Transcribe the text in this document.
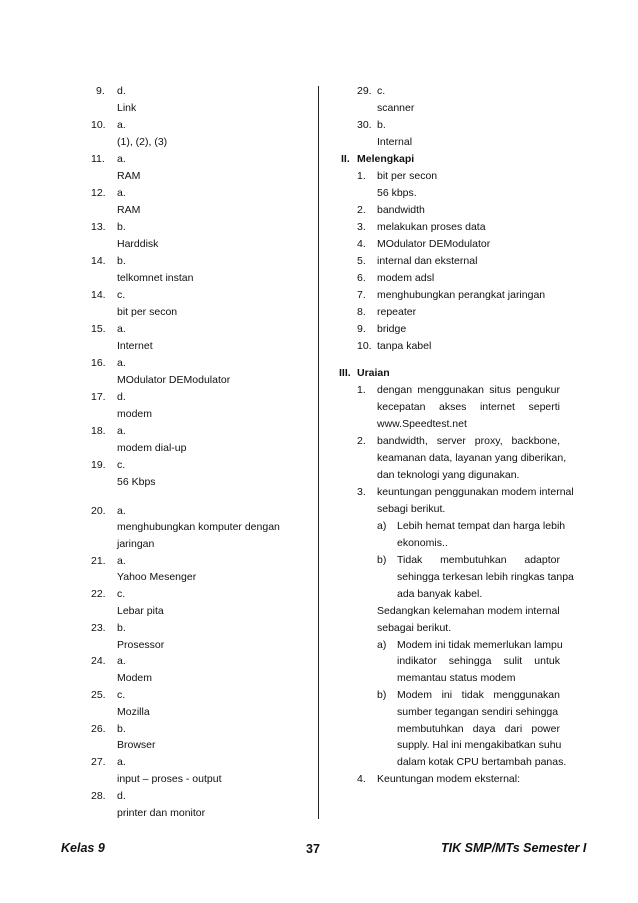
9. d.
Link
10. a.
(1), (2), (3)
11. a.
RAM
12. a.
RAM
13. b.
Harddisk
14. b.
telkomnet instan
14. c.
bit per secon
15. a.
Internet
16. a.
MOdulator DEModulator
17. d.
modem
18. a.
modem dial-up
19. c.
56 Kbps
20. a.
menghubungkan komputer dengan
jaringan
21. a.
Yahoo Mesenger
22. c.
Lebar pita
23. b.
Prosessor
24. a.
Modem
25. c.
Mozilla
26. b.
Browser
27. a.
input – proses - output
28. d.
printer dan monitor
29. c.
scanner
30. b.
Internal
II. Melengkapi
1. bit per secon
56 kbps.
2. bandwidth
3. melakukan proses data
4. MOdulator DEModulator
5. internal dan eksternal
6. modem adsl
7. menghubungkan perangkat jaringan
8. repeater
9. bridge
10. tanpa kabel
III. Uraian
1. dengan menggunakan situs pengukur
kecepatan akses internet seperti
www.Speedtest.net
2. bandwidth, server proxy, backbone,
keamanan data, layanan yang diberikan,
dan teknologi yang digunakan.
3. keuntungan penggunakan modem internal
sebagi berikut.
a) Lebih hemat tempat dan harga lebih
ekonomis..
b) Tidak membutuhkan adaptor
sehingga terkesan lebih ringkas tanpa
ada banyak kabel.
Sedangkan kelemahan modem internal
sebagai berikut.
a) Modem ini tidak memerlukan lampu
indikator sehingga sulit untuk
memantau status modem
b) Modem ini tidak menggunakan
sumber tegangan sendiri sehingga
membutuhkan daya dari power
supply. Hal ini mengakibatkan suhu
dalam kotak CPU bertambah panas.
4. Keuntungan modem eksternal:
Kelas 9	37	TIK SMP/MTs Semester I
